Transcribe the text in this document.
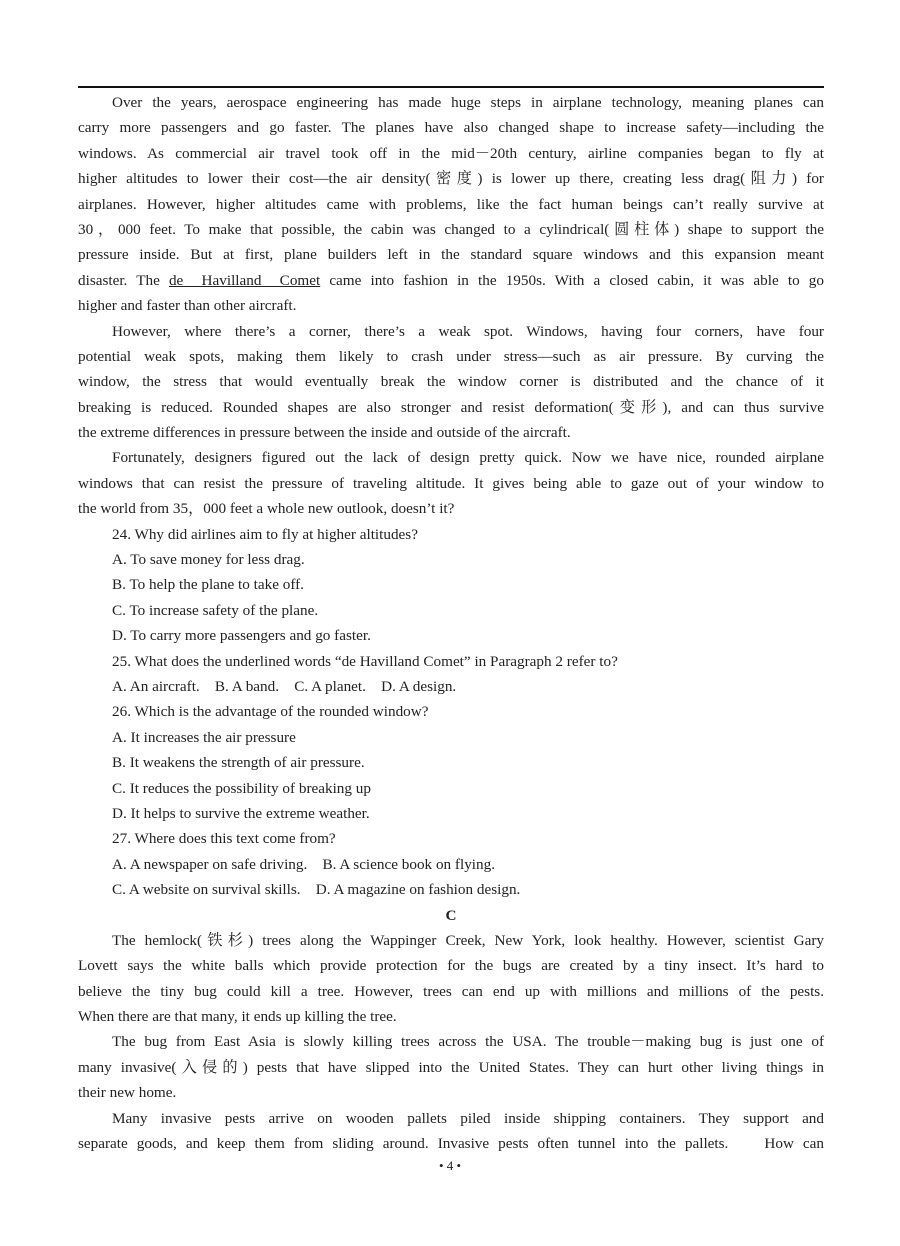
Over the years, aerospace engineering has made huge steps in airplane technology, meaning planes can
carry more passengers and go faster. The planes have also changed shape to increase safety—including the
windows. As commercial air travel took off in the mid－20th century, airline companies began to fly at
higher altitudes to lower their cost—the air density(密度) is lower up there, creating less drag(阻力) for
airplanes. However, higher altitudes came with problems, like the fact human beings can’t really survive at
30，000 feet. To make that possible, the cabin was changed to a cylindrical(圆柱体) shape to support the
pressure inside. But at first, plane builders left in the standard square windows and this expansion meant
disaster. The de  Havilland  Comet came into fashion in the 1950s. With a closed cabin, it was able to go
higher and faster than other aircraft.
However, where there’s a corner, there’s a weak spot. Windows, having four corners, have four
potential weak spots, making them likely to crash under stress—such as air pressure. By curving the
window, the stress that would eventually break the window corner is distributed and the chance of it
breaking is reduced. Rounded shapes are also stronger and resist deformation(变形), and can thus survive
the extreme differences in pressure between the inside and outside of the aircraft.
Fortunately, designers figured out the lack of design pretty quick. Now we have nice, rounded airplane
windows that can resist the pressure of traveling altitude. It gives being able to gaze out of your window to
the world from 35，000 feet a whole new outlook, doesn’t it?
24. Why did airlines aim to fly at higher altitudes?
A. To save money for less drag.
B. To help the plane to take off.
C. To increase safety of the plane.
D. To carry more passengers and go faster.
25. What does the underlined words “de Havilland Comet” in Paragraph 2 refer to?
A. An aircraft.    B. A band.    C. A planet.    D. A design.
26. Which is the advantage of the rounded window?
A. It increases the air pressure
B. It weakens the strength of air pressure.
C. It reduces the possibility of breaking up
D. It helps to survive the extreme weather.
27. Where does this text come from?
A. A newspaper on safe driving.    B. A science book on flying.
C. A website on survival skills.    D. A magazine on fashion design.
C
The hemlock(铁杉) trees along the Wappinger Creek, New York, look healthy. However, scientist Gary
Lovett says the white balls which provide protection for the bugs are created by a tiny insect. It’s hard to
believe the tiny bug could kill a tree. However, trees can end up with millions and millions of the pests.
When there are that many, it ends up killing the tree.
The bug from East Asia is slowly killing trees across the USA. The trouble－making bug is just one of
many invasive(入侵的) pests that have slipped into the United States. They can hurt other living things in
their new home.
Many invasive pests arrive on wooden pallets piled inside shipping containers. They support and
separate goods, and keep them from sliding around. Invasive pests often tunnel into the pallets.    How can
• 4 •
